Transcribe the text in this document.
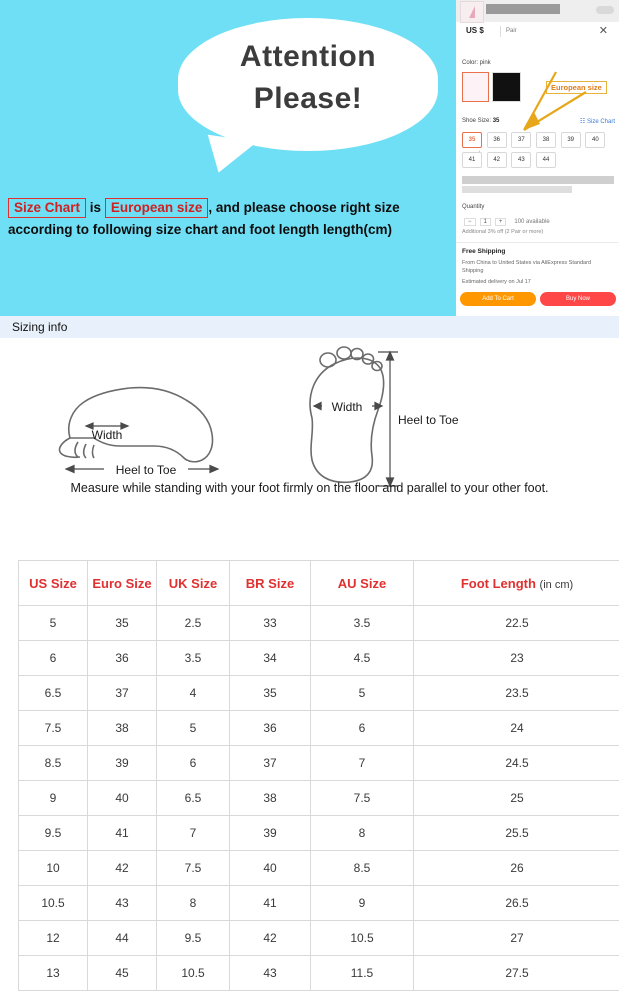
Attention
Please!
Size Chart is European size , and please choose right size
according to following size chart and foot length length(cm)
US $	Pair	✕
Color: pink
European size
Shoe Size: 35	☷ Size Chart
35	36	37	38	39	40 41	42	43	44
Quantity
− 1 + 100 available
Additional 3% off (2 Pair or more)
Free Shipping
From China to United States via AliExpress Standard
Shipping
Estimated delivery on Jul 17
Add To Cart	Buy Now
Sizing info
Width
Heel to Toe
Width
Heel to Toe
Measure while standing with your foot firmly on the floor and parallel to your other foot.
US Size	Euro Size	UK Size	BR Size	AU Size	Foot Length (in cm)
5	35	2.5	33	3.5	22.5
6	36	3.5	34	4.5	23
6.5	37	4	35	5	23.5
7.5	38	5	36	6	24
8.5	39	6	37	7	24.5
9	40	6.5	38	7.5	25
9.5	41	7	39	8	25.5
10	42	7.5	40	8.5	26
10.5	43	8	41	9	26.5
12	44	9.5	42	10.5	27
13	45	10.5	43	11.5	27.5
